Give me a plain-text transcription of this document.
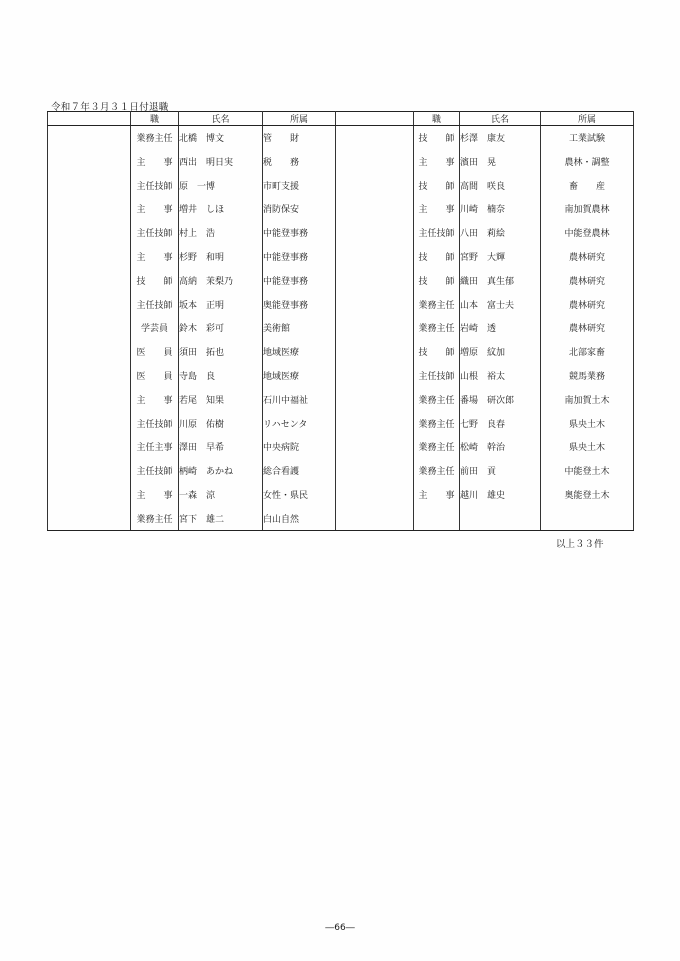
令和７年３月３１日付退職
	職	氏名	所属		職	氏名	所属
	業務主任	北橋　博文	管　　財		技　　師	杉澤　康友	工業試験
	主　　事	西出　明日実	税　　務		主　　事	濱田　晃	農林・調整
	主任技師	原　一博	市町支援		技　　師	高間　咲良	畜　　産
	主　　事	増井　しほ	消防保安		主　　事	川崎　楠奈	南加賀農林
	主任技師	村上　浩	中能登事務		主任技師	八田　莉絵	中能登農林
	主　　事	杉野　和明	中能登事務		技　　師	宮野　大輝	農林研究
	技　　師	高納　茉梨乃	中能登事務		技　　師	織田　真生郁	農林研究
	主任技師	坂本　正明	奥能登事務		業務主任	山本　富士夫	農林研究
	学芸員	鈴木　彩可	美術館		業務主任	岩崎　透	農林研究
	医　　員	須田　拓也	地域医療		技　　師	増原　紋加	北部家畜
	医　　員	寺島　良	地域医療		主任技師	山根　裕太	競馬業務
	主　　事	若尾　知果	石川中福祉		業務主任	番場　研次郎	南加賀土木
	主任技師	川原　佑樹	リハセンタ		業務主任	七野　良春	県央土木
	主任主事	澤田　早希	中央病院		業務主任	松崎　幹治	県央土木
	主任技師	柄崎　あかね	総合看護		業務主任	前田　貢	中能登土木
	主　　事	一森　涼	女性・県民		主　　事	越川　雄史	奥能登土木
	業務主任	宮下　雄二	白山自然				
以上３３件
―66―
